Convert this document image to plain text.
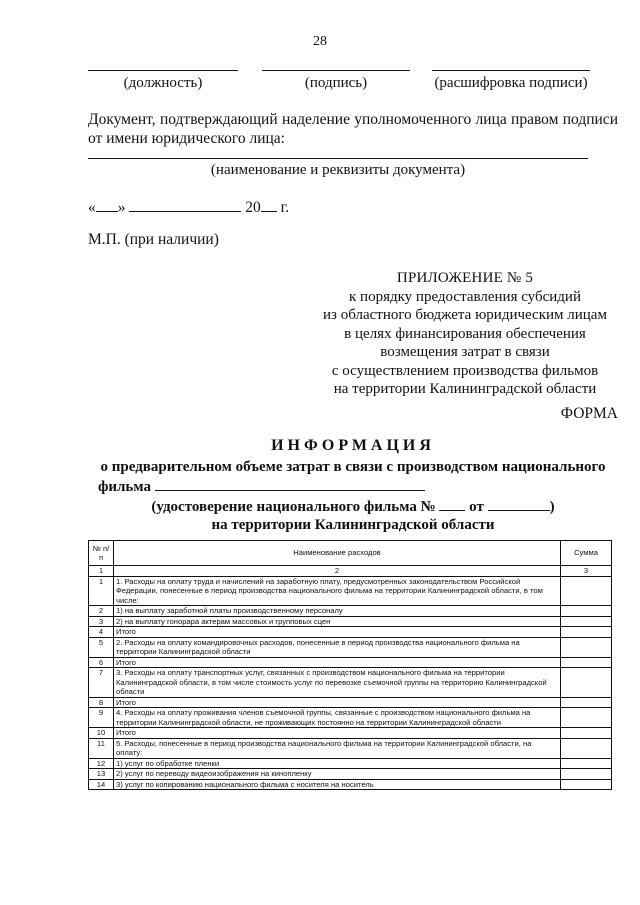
28
(должность)	(подпись)	(расшифровка подписи)
Документ, подтверждающий наделение уполномоченного лица правом подписи от имени юридического лица:
(наименование и реквизиты документа)
« »	20 г.
М.П. (при наличии)
ПРИЛОЖЕНИЕ № 5
к порядку предоставления субсидий
из областного бюджета юридическим лицам
в целях финансирования обеспечения
возмещения затрат в связи
с осуществлением производства фильмов
на территории Калининградской области
ФОРМА
ИНФОРМАЦИЯ
о предварительном объеме затрат в связи с производством национального
фильма
(удостоверение национального фильма № от	)
на территории Калининградской области
№ п/п	Наименование расходов	Сумма
1	2	3
1	1. Расходы на оплату труда и начислений на заработную плату, предусмотренных законодательством Российской Федерации, понесенные в период производства национального фильма на территории Калининградской области, в том числе:	
2	1) на выплату заработной платы производственному персоналу	
3	2) на выплату гонорара актерам массовых и групповых сцен	
4	Итого	
5	2. Расходы на оплату командировочных расходов, понесенные в период производства национального фильма на территории Калининградской области	
6	Итого	
7	3. Расходы на оплату транспортных услуг, связанных с производством национального фильма на территории Калининградской области, в том числе стоимость услуг по перевозке съемочной группы на территорию Калининградской области	
8	Итого	
9	4. Расходы на оплату проживания членов съемочной группы, связанные с производством национального фильма на территории Калининградской области, не проживающих постоянно на территории Калининградской области	
10	Итого	
11	5. Расходы, понесенные в период производства национального фильма на территории Калининградской области, на оплату:	
12	1) услуг по обработке пленки	
13	2) услуг по переводу видеоизображения на кинопленку	
14	3) услуг по копированию национального фильма с носителя на носитель	
